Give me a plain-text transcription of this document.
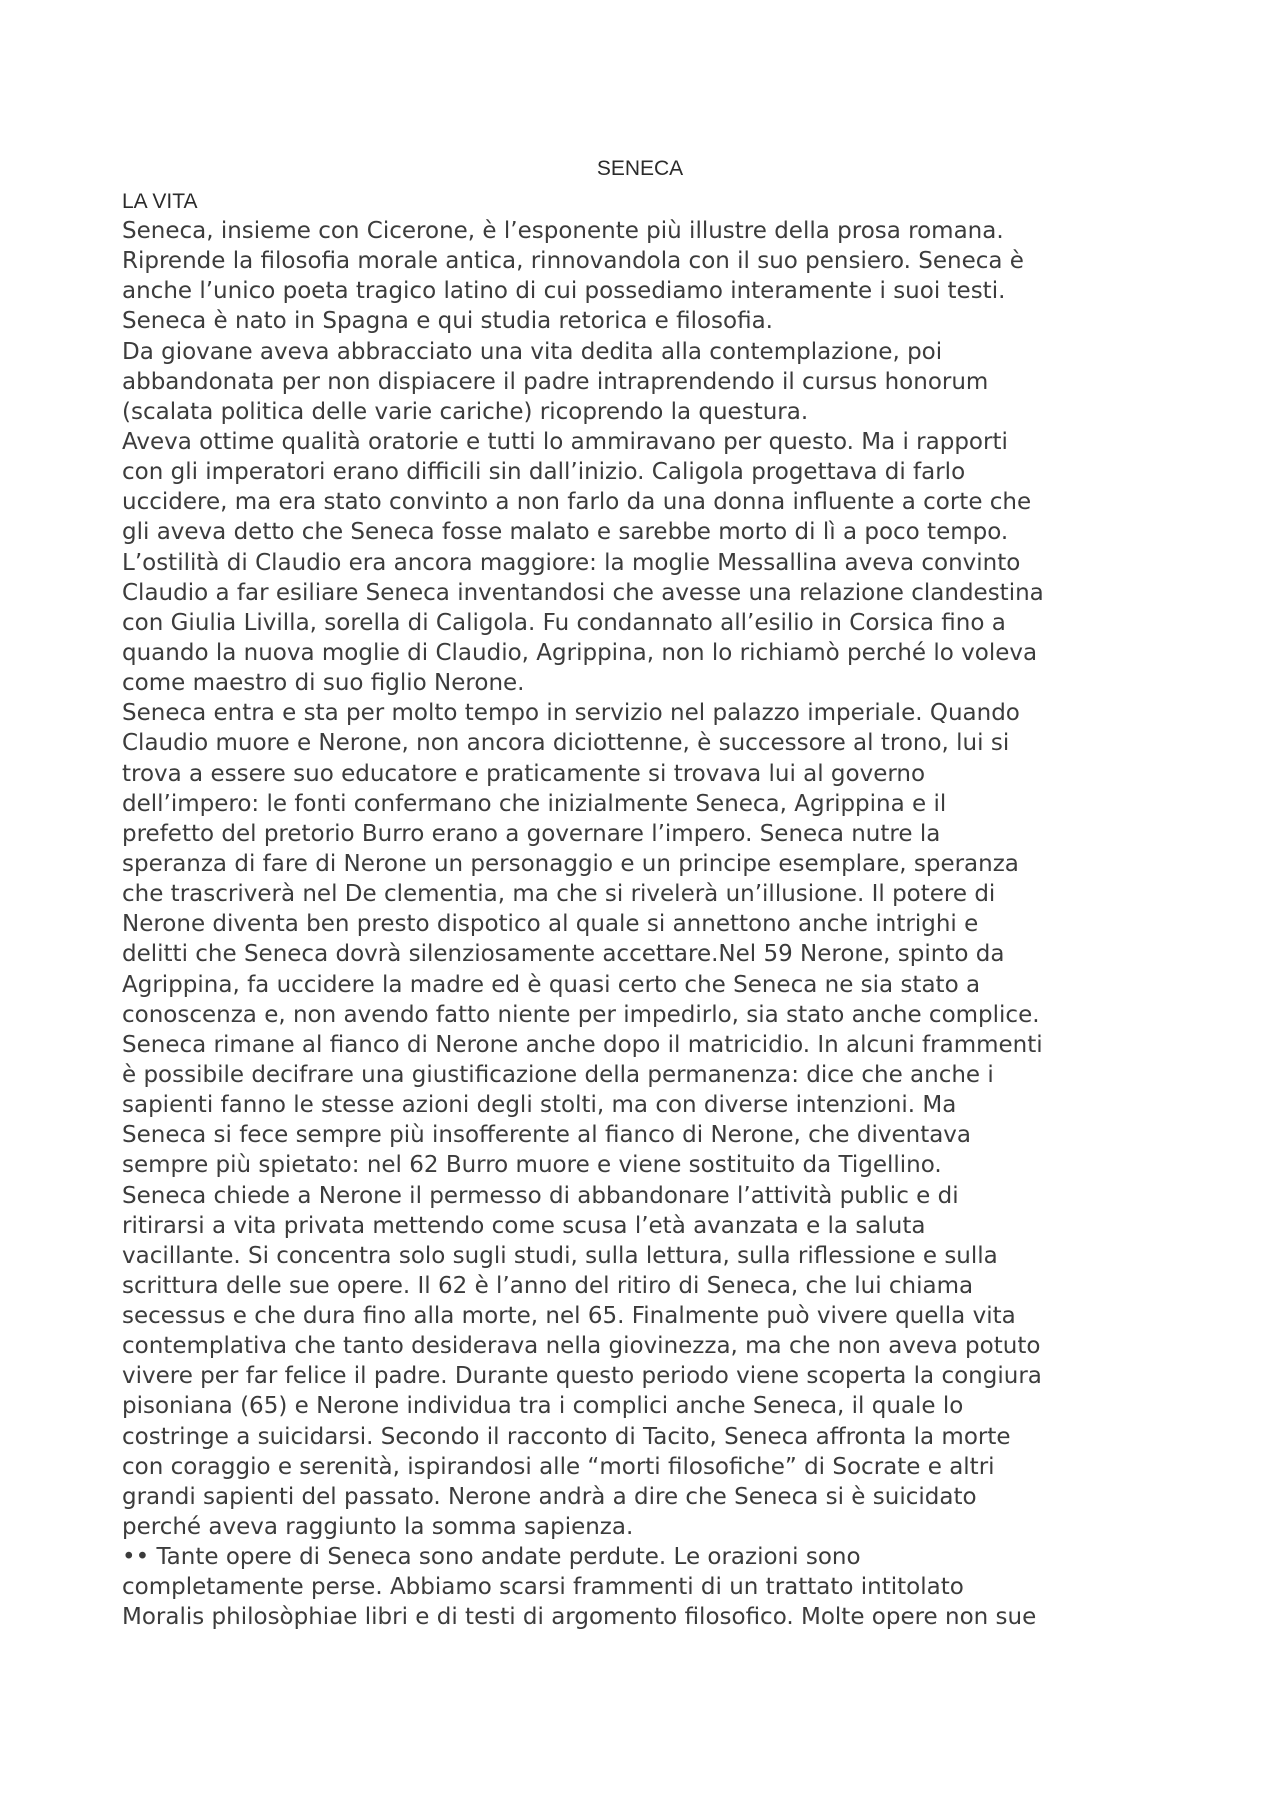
SENECA
LA VITA
Seneca, insieme con Cicerone, è l’esponente più illustre della prosa romana.
Riprende la filosofia morale antica, rinnovandola con il suo pensiero. Seneca è
anche l’unico poeta tragico latino di cui possediamo interamente i suoi testi.
Seneca è nato in Spagna e qui studia retorica e filosofia.
Da giovane aveva abbracciato una vita dedita alla contemplazione, poi
abbandonata per non dispiacere il padre intraprendendo il cursus honorum
(scalata politica delle varie cariche) ricoprendo la questura.
Aveva ottime qualità oratorie e tutti lo ammiravano per questo. Ma i rapporti
con gli imperatori erano difficili sin dall’inizio. Caligola progettava di farlo
uccidere, ma era stato convinto a non farlo da una donna influente a corte che
gli aveva detto che Seneca fosse malato e sarebbe morto di lì a poco tempo.
L’ostilità di Claudio era ancora maggiore: la moglie Messallina aveva convinto
Claudio a far esiliare Seneca inventandosi che avesse una relazione clandestina
con Giulia Livilla, sorella di Caligola. Fu condannato all’esilio in Corsica fino a
quando la nuova moglie di Claudio, Agrippina, non lo richiamò perché lo voleva
come maestro di suo figlio Nerone.
Seneca entra e sta per molto tempo in servizio nel palazzo imperiale. Quando
Claudio muore e Nerone, non ancora diciottenne, è successore al trono, lui si
trova a essere suo educatore e praticamente si trovava lui al governo
dell’impero: le fonti confermano che inizialmente Seneca, Agrippina e il
prefetto del pretorio Burro erano a governare l’impero. Seneca nutre la
speranza di fare di Nerone un personaggio e un principe esemplare, speranza
che trascriverà nel De clementia, ma che si rivelerà un’illusione. Il potere di
Nerone diventa ben presto dispotico al quale si annettono anche intrighi e
delitti che Seneca dovrà silenziosamente accettare.Nel 59 Nerone, spinto da
Agrippina, fa uccidere la madre ed è quasi certo che Seneca ne sia stato a
conoscenza e, non avendo fatto niente per impedirlo, sia stato anche complice.
Seneca rimane al fianco di Nerone anche dopo il matricidio. In alcuni frammenti
è possibile decifrare una giustificazione della permanenza: dice che anche i
sapienti fanno le stesse azioni degli stolti, ma con diverse intenzioni. Ma
Seneca si fece sempre più insofferente al fianco di Nerone, che diventava
sempre più spietato: nel 62 Burro muore e viene sostituito da Tigellino.
Seneca chiede a Nerone il permesso di abbandonare l’attività public e di
ritirarsi a vita privata mettendo come scusa l’età avanzata e la saluta
vacillante. Si concentra solo sugli studi, sulla lettura, sulla riflessione e sulla
scrittura delle sue opere. Il 62 è l’anno del ritiro di Seneca, che lui chiama
secessus e che dura fino alla morte, nel 65. Finalmente può vivere quella vita
contemplativa che tanto desiderava nella giovinezza, ma che non aveva potuto
vivere per far felice il padre. Durante questo periodo viene scoperta la congiura
pisoniana (65) e Nerone individua tra i complici anche Seneca, il quale lo
costringe a suicidarsi. Secondo il racconto di Tacito, Seneca affronta la morte
con coraggio e serenità, ispirandosi alle “morti filosofiche” di Socrate e altri
grandi sapienti del passato. Nerone andrà a dire che Seneca si è suicidato
perché aveva raggiunto la somma sapienza.
•• Tante opere di Seneca sono andate perdute. Le orazioni sono
completamente perse. Abbiamo scarsi frammenti di un trattato intitolato
Moralis philosòphiae libri e di testi di argomento filosofico. Molte opere non sue
